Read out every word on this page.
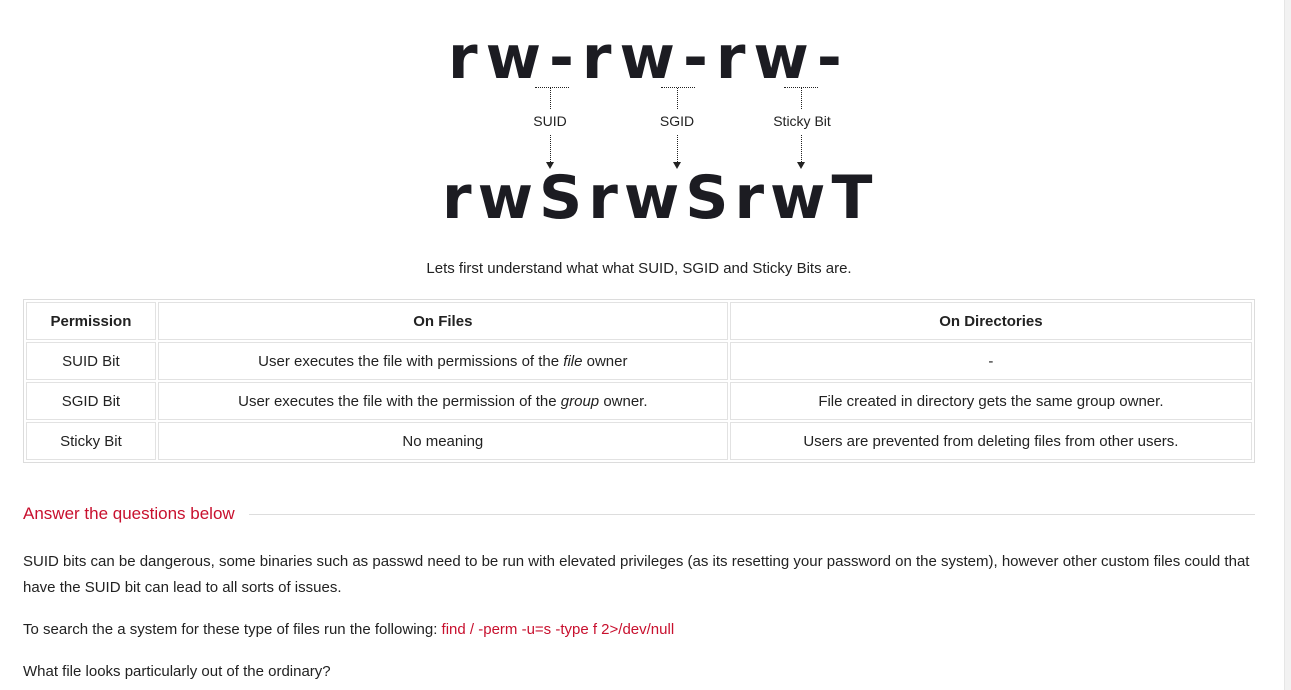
rw-rw-rw-
SUID	SGID	Sticky Bit
rwSrwSrwT
Lets first understand what what SUID, SGID and Sticky Bits are.
Permission	On Files	On Directories
SUID Bit	User executes the file with permissions of the file owner	-
SGID Bit	User executes the file with the permission of the group owner.	File created in directory gets the same group owner.
Sticky Bit	No meaning	Users are prevented from deleting files from other users.
Answer the questions below
SUID bits can be dangerous, some binaries such as passwd need to be run with elevated privileges (as its resetting your password on the system), however other custom files could that have the SUID bit can lead to all sorts of issues.
To search the a system for these type of files run the following: find / -perm -u=s -type f 2>/dev/null
What file looks particularly out of the ordinary?
